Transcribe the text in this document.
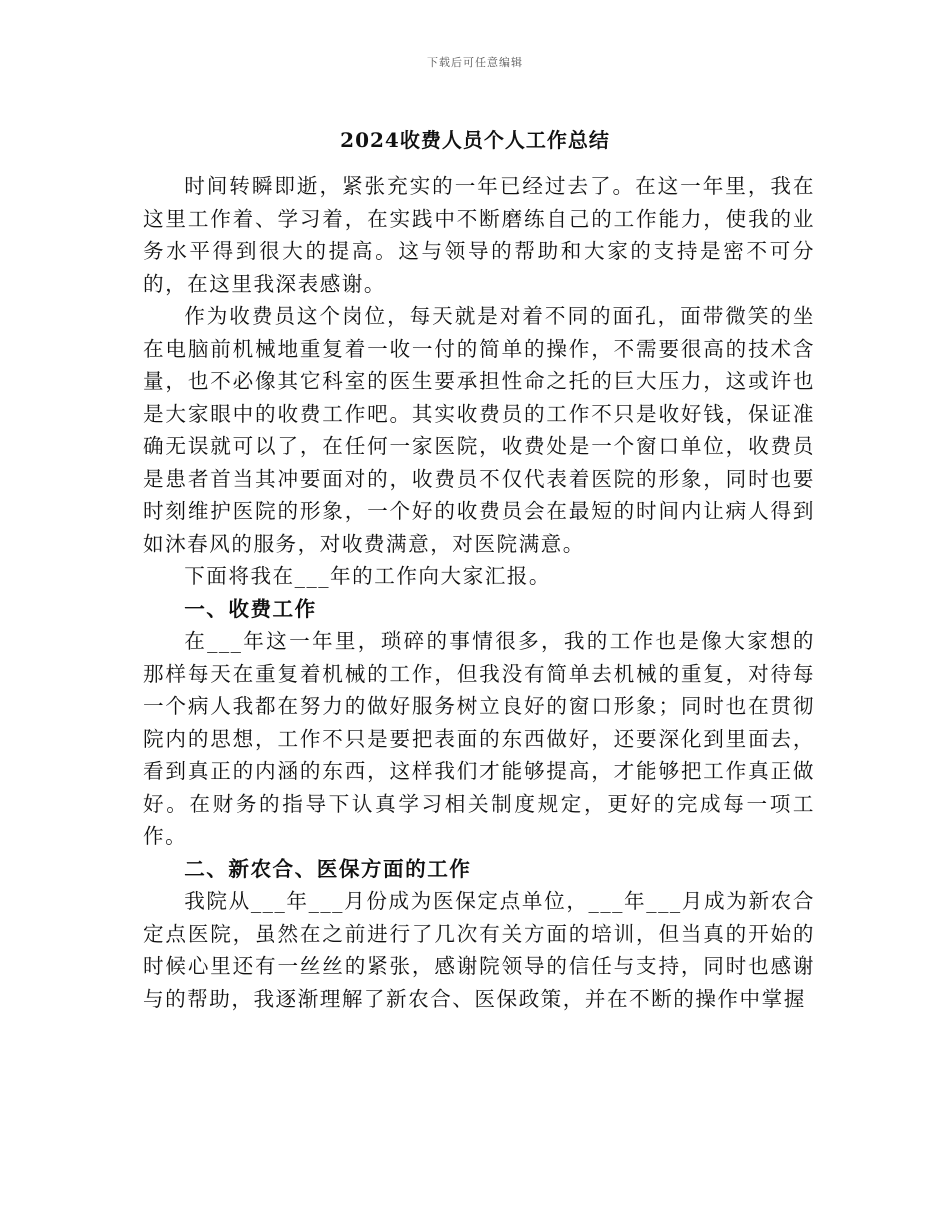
下载后可任意编辑
2024收费人员个人工作总结

时间转瞬即逝，紧张充实的一年已经过去了。在这一年里，我在这里工作着、学习着，在实践中不断磨练自己的工作能力，使我的业务水平得到很大的提高。这与领导的帮助和大家的支持是密不可分的，在这里我深表感谢。

作为收费员这个岗位，每天就是对着不同的面孔，面带微笑的坐在电脑前机械地重复着一收一付的简单的操作，不需要很高的技术含量，也不必像其它科室的医生要承担性命之托的巨大压力，这或许也是大家眼中的收费工作吧。其实收费员的工作不只是收好钱，保证准确无误就可以了，在任何一家医院，收费处是一个窗口单位，收费员是患者首当其冲要面对的，收费员不仅代表着医院的形象，同时也要时刻维护医院的形象，一个好的收费员会在最短的时间内让病人得到如沐春风的服务，对收费满意，对医院满意。

下面将我在___年的工作向大家汇报。

一、收费工作

在___年这一年里，琐碎的事情很多，我的工作也是像大家想的那样每天在重复着机械的工作，但我没有简单去机械的重复，对待每一个病人我都在努力的做好服务树立良好的窗口形象；同时也在贯彻院内的思想，工作不只是要把表面的东西做好，还要深化到里面去，看到真正的内涵的东西，这样我们才能够提高，才能够把工作真正做好。在财务的指导下认真学习相关制度规定，更好的完成每一项工作。

二、新农合、医保方面的工作

我院从___年___月份成为医保定点单位，___年___月成为新农合定点医院，虽然在之前进行了几次有关方面的培训，但当真的开始的时候心里还有一丝丝的紧张，感谢院领导的信任与支持，同时也感谢与的帮助，我逐渐理解了新农合、医保政策，并在不断的操作中掌握
